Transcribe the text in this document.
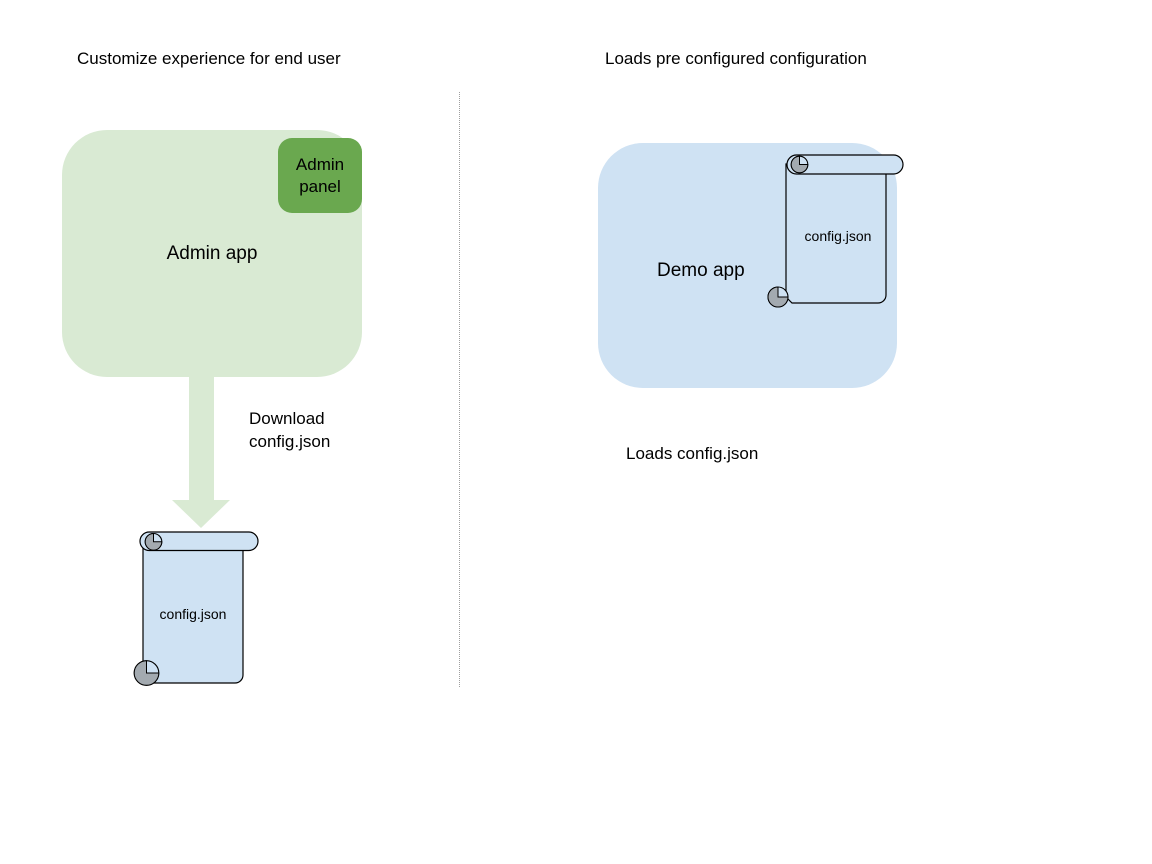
Customize experience for end user	Loads pre configured configuration
Admin app
Admin panel
Download config.json
config.json
Demo app
config.json
Loads config.json
